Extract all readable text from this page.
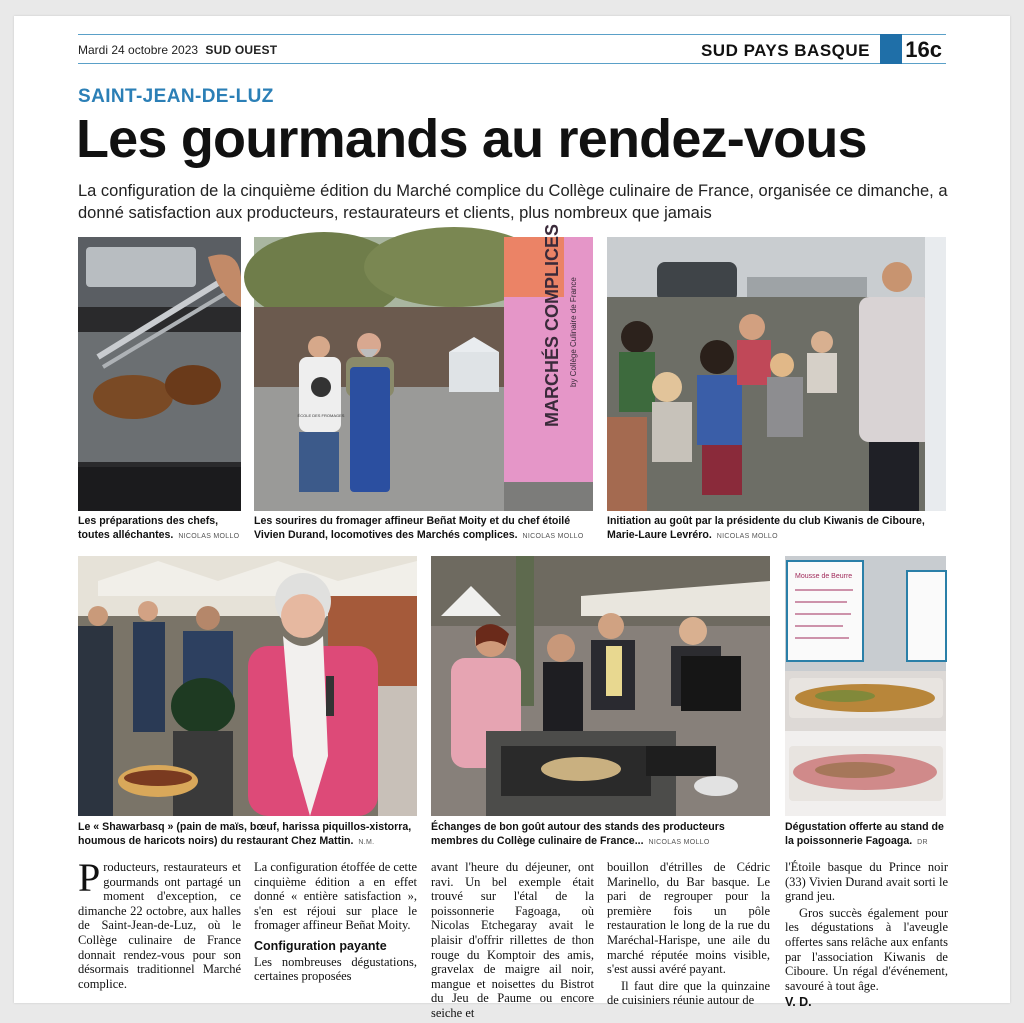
Mardi 24 octobre 2023 SUD OUEST	SUD PAYS BASQUE 16c
SAINT-JEAN-DE-LUZ
Les gourmands au rendez-vous
La configuration de la cinquième édition du Marché complice du Collège culinaire de France, organisée ce dimanche, a donné satisfaction aux producteurs, restaurateurs et clients, plus nombreux que jamais
MARCHÉS COMPLICES by Collège Culinaire de France
ÉCOLE DES FROMAGES
Les préparations des chefs, toutes alléchantes. NICOLAS MOLLO
Les sourires du fromager affineur Beñat Moity et du chef étoilé Vivien Durand, locomotives des Marchés complices. NICOLAS MOLLO
Initiation au goût par la présidente du club Kiwanis de Ciboure, Marie-Laure Levréro. NICOLAS MOLLO
Mousse de Beurre
Le « Shawarbasq » (pain de maïs, bœuf, harissa piquillos-xistorra, houmous de haricots noirs) du restaurant Chez Mattin. N.M.
Échanges de bon goût autour des stands des producteurs membres du Collège culinaire de France... NICOLAS MOLLO
Dégustation offerte au stand de la poissonnerie Fagoaga. DR

Producteurs, restaurateurs et gourmands ont partagé un moment d'exception, ce dimanche 22 octobre, aux halles de Saint-Jean-de-Luz, où le Collège culinaire de France donnait rendez-vous pour son désormais traditionnel Marché complice.

La configuration étoffée de cette cinquième édition a en effet donné « entière satisfaction », s'en est réjoui sur place le fromager affineur Beñat Moity.

Configuration payante

Les nombreuses dégustations, certaines proposées

avant l'heure du déjeuner, ont ravi. Un bel exemple était trouvé sur l'étal de la poissonnerie Fagoaga, où Nicolas Etchegaray avait le plaisir d'offrir rillettes de thon rouge du Komptoir des amis, gravelax de maigre ail noir, mangue et noisettes du Bistrot du Jeu de Paume ou encore seiche et

bouillon d'étrilles de Cédric Marinello, du Bar basque. Le pari de regrouper pour la première fois un pôle restauration le long de la rue du Maréchal-Harispe, une aile du marché réputée moins visible, s'est aussi avéré payant.

Il faut dire que la quinzaine de cuisiniers réunie autour de

l'Étoile basque du Prince noir (33) Vivien Durand avait sorti le grand jeu.

Gros succès également pour les dégustations à l'aveugle offertes sans relâche aux enfants par l'association Kiwanis de Ciboure. Un régal d'événement, savouré à tout âge.

V. D.
